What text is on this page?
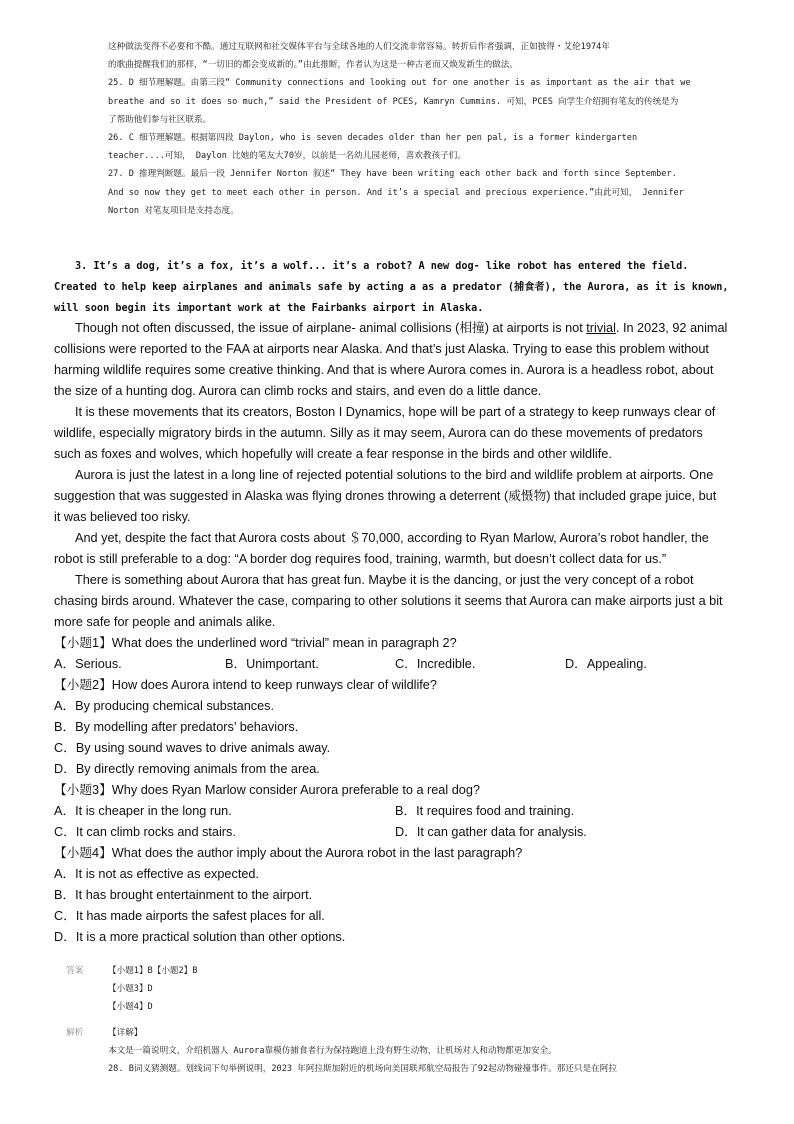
这种做法变得不必要和不酷。通过互联网和社交媒体平台与全球各地的人们交流非常容易。转折后作者强调，正如披得・艾伦1974年

的歌曲提醒我们的那样，“一切旧的都会变成新的。”由此推断，作者认为这是一种古老而又焕发新生的做法。

25. D 细节理解题。由第三段“ Community connections and looking out for one another is as important as the air that we

breathe and so it does so much,” said the President of PCES, Kamryn Cummins. 可知，PCES 向学生介绍拥有笔友的传统是为

了帮助他们参与社区联系。

26. C 细节理解题。根据第四段 Daylon, who is seven decades older than her pen pal, is a former kindergarten

teacher....可知， Daylon 比她的笔友大70岁，以前是一名幼儿园老师，喜欢教孩子们。

27. D 推理判断题。最后一段 Jennifer Norton 叙述“ They have been writing each other back and forth since September.

And so now they get to meet each other in person. And it’s a special and precious experience.”由此可知， Jennifer

Norton 对笔友项目是支持态度。

3. It’s a dog, it’s a fox, it’s a wolf... it’s a robot? A new dog- like robot has entered the field.

Created to help keep airplanes and animals safe by acting a as a predator (捕食者), the Aurora, as it is known,

will soon begin its important work at the Fairbanks airport in Alaska.

Though not often discussed, the issue of airplane- animal collisions (相撞) at airports is not trivial. In 2023, 92 animal

collisions were reported to the FAA at airports near Alaska. And that’s just Alaska. Trying to ease this problem without

harming wildlife requires some creative thinking. And that is where Aurora comes in. Aurora is a headless robot, about

the size of a hunting dog. Aurora can climb rocks and stairs, and even do a little dance.

It is these movements that its creators, Boston I Dynamics, hope will be part of a strategy to keep runways clear of

wildlife, especially migratory birds in the autumn. Silly as it may seem, Aurora can do these movements of predators

such as foxes and wolves, which hopefully will create a fear response in the birds and other wildlife.

Aurora is just the latest in a long line of rejected potential solutions to the bird and wildlife problem at airports. One

suggestion that was suggested in Alaska was flying drones throwing a deterrent (威慑物) that included grape juice, but

it was believed too risky.

And yet, despite the fact that Aurora costs about ＄70,000, according to Ryan Marlow, Aurora’s robot handler, the

robot is still preferable to a dog: “A border dog requires food, training, warmth, but doesn’t collect data for us.”

There is something about Aurora that has great fun. Maybe it is the dancing, or just the very concept of a robot

chasing birds around. Whatever the case, comparing to other solutions it seems that Aurora can make airports just a bit

more safe for people and animals alike.

【小题1】What does the underlined word “trivial” mean in paragraph 2?

A．Serious.	B．Unimportant.	C．Incredible.	D．Appealing.

【小题2】How does Aurora intend to keep runways clear of wildlife?

A．By producing chemical substances.

B．By modelling after predators’ behaviors.

C．By using sound waves to drive animals away.

D．By directly removing animals from the area.

【小题3】Why does Ryan Marlow consider Aurora preferable to a real dog?

A．It is cheaper in the long run.	B．It requires food and training.
C．It can climb rocks and stairs.	D．It can gather data for analysis.

【小题4】What does the author imply about the Aurora robot in the last paragraph?

A．It is not as effective as expected.

B．It has brought entertainment to the airport.

C．It has made airports the safest places for all.

D．It is a more practical solution than other options.

答案	【小题1】B【小题2】B
【小题3】D
【小题4】D
解析	【详解】
本文是一篇说明文，介绍机器人 Aurora靠模仿捕食者行为保持跑道上没有野生动物，让机场对人和动物都更加安全。
28. B词义猜测题。划线词下句举例说明，2023 年阿拉斯加附近的机场向美国联邦航空局报告了92起动物碰撞事件。那还只是在阿拉
